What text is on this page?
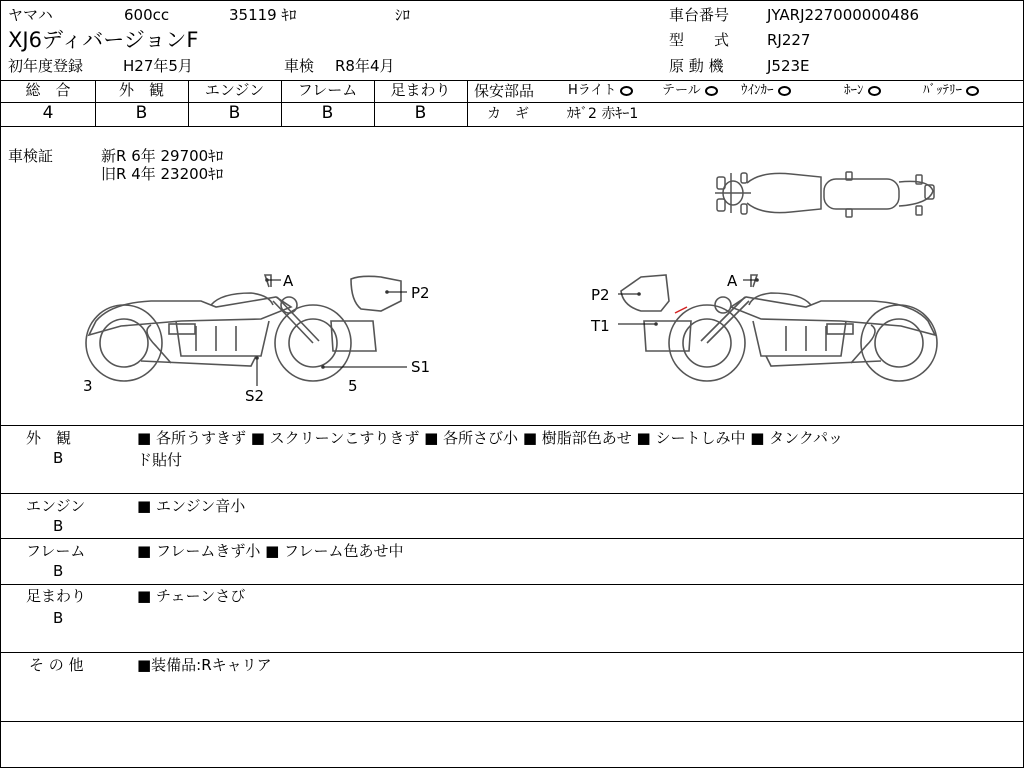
ヤマハ	600cc	35119 ｷﾛ	ｼﾛ
XJ6ディバージョンF
初年度登録	H27年5月	車検 R8年4月
車台番号	JYARJ227000000486
型　　式	RJ227
原 動 機	J523E
総　合	外　観	エンジン	フレーム	足まわり
4	B	B	B	B
保安部品	Hライト	テール	ｳｲﾝｶｰ	ﾎｰﾝ	ﾊﾞｯﾃﾘｰ
カ　ギ	ｶｷﾞ2 赤ｷｰ1
車検証	新R 6年 29700ｷﾛ
旧R 4年 23200ｷﾛ
A
P2
S1
S2
3	5
P2
T1
A
外　観
B
■ 各所うすきず ■ スクリーンこすりきず ■ 各所さび小 ■ 樹脂部色あせ ■ シートしみ中 ■ タンクパッ
ド貼付
エンジン
B
■ エンジン音小
フレーム
B
■ フレームきず小 ■ フレーム色あせ中
足まわり
B
■ チェーンさび
そ の 他	■装備品:Rキャリア
